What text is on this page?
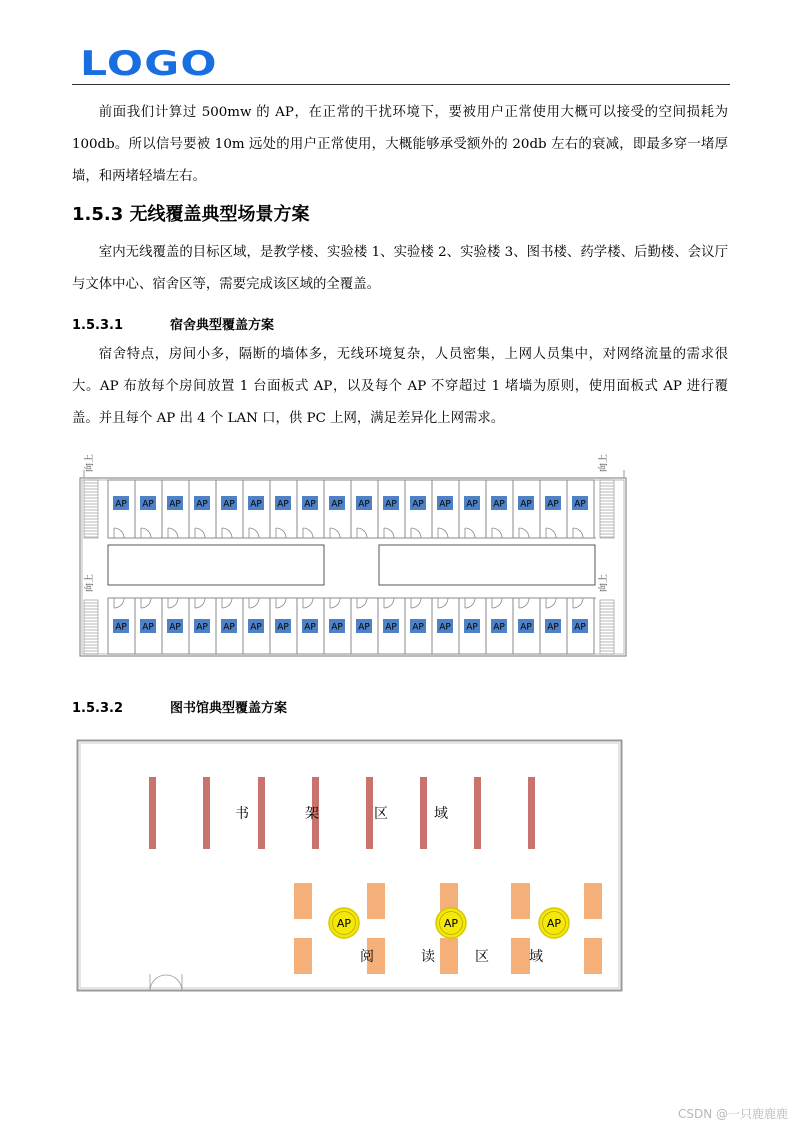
LOGO
前面我们计算过 500mw 的 AP，在正常的干扰环境下，要被用户正常使用大概可以接受的空间损耗为 100db。所以信号要被 10m 远处的用户正常使用，大概能够承受额外的 20db 左右的衰减，即最多穿一堵厚墙，和两堵轻墙左右。
1.5.3 无线覆盖典型场景方案
室内无线覆盖的目标区域，是教学楼、实验楼 1、实验楼 2、实验楼 3、图书楼、药学楼、后勤楼、会议厅与文体中心、宿舍区等，需要完成该区域的全覆盖。
1.5.3.1	宿舍典型覆盖方案
宿舍特点，房间小多，隔断的墙体多，无线环境复杂，人员密集，上网人员集中，对网络流量的需求很大。AP 布放每个房间放置 1 台面板式 AP，以及每个 AP 不穿超过 1 堵墙为原则，使用面板式 AP 进行覆盖。并且每个 AP 出 4 个 LAN 口，供 PC 上网，满足差异化上网需求。
AP AP AP AP AP AP AP AP AP AP AP AP AP AP AP AP AP AP
AP AP AP AP AP AP AP AP AP AP AP AP AP AP AP AP AP AP
向上	向上
向上	向上
1.5.3.2	图书馆典型覆盖方案
书	架	区	域
AP	AP	AP
阅	读	区	域
CSDN @一只鹿鹿鹿
